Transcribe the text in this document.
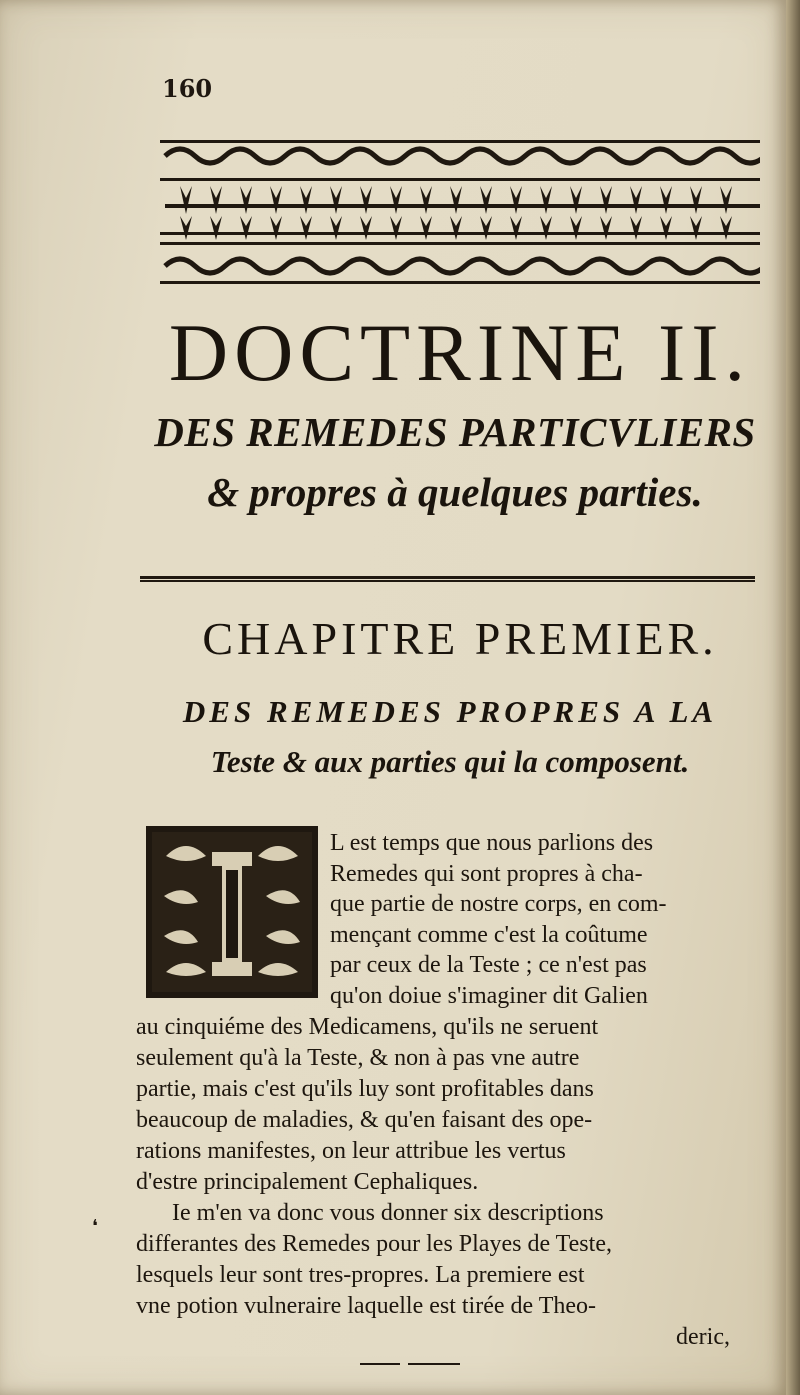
160
DOCTRINE II.
DES REMEDES PARTICVLIERS
& propres à quelques parties.
CHAPITRE PREMIER.
DES REMEDES PROPRES A LA
Teste & aux parties qui la composent.
L est temps que nous parlions des
Remedes qui sont propres à cha-
que partie de nostre corps, en com-
mençant comme c'est la coûtume
par ceux de la Teste ; ce n'est pas
qu'on doiue s'imaginer dit Galien
au cinquiéme des Medicamens, qu'ils ne seruent
seulement qu'à la Teste, & non à pas vne autre
partie, mais c'est qu'ils luy sont profitables dans
beaucoup de maladies, & qu'en faisant des ope-
rations manifestes, on leur attribue les vertus
d'estre principalement Cephaliques.
Ie m'en va donc vous donner six descriptions
differantes des Remedes pour les Playes de Teste,
lesquels leur sont tres-propres. La premiere est
vne potion vulneraire laquelle est tirée de Theo-
deric,
❛
